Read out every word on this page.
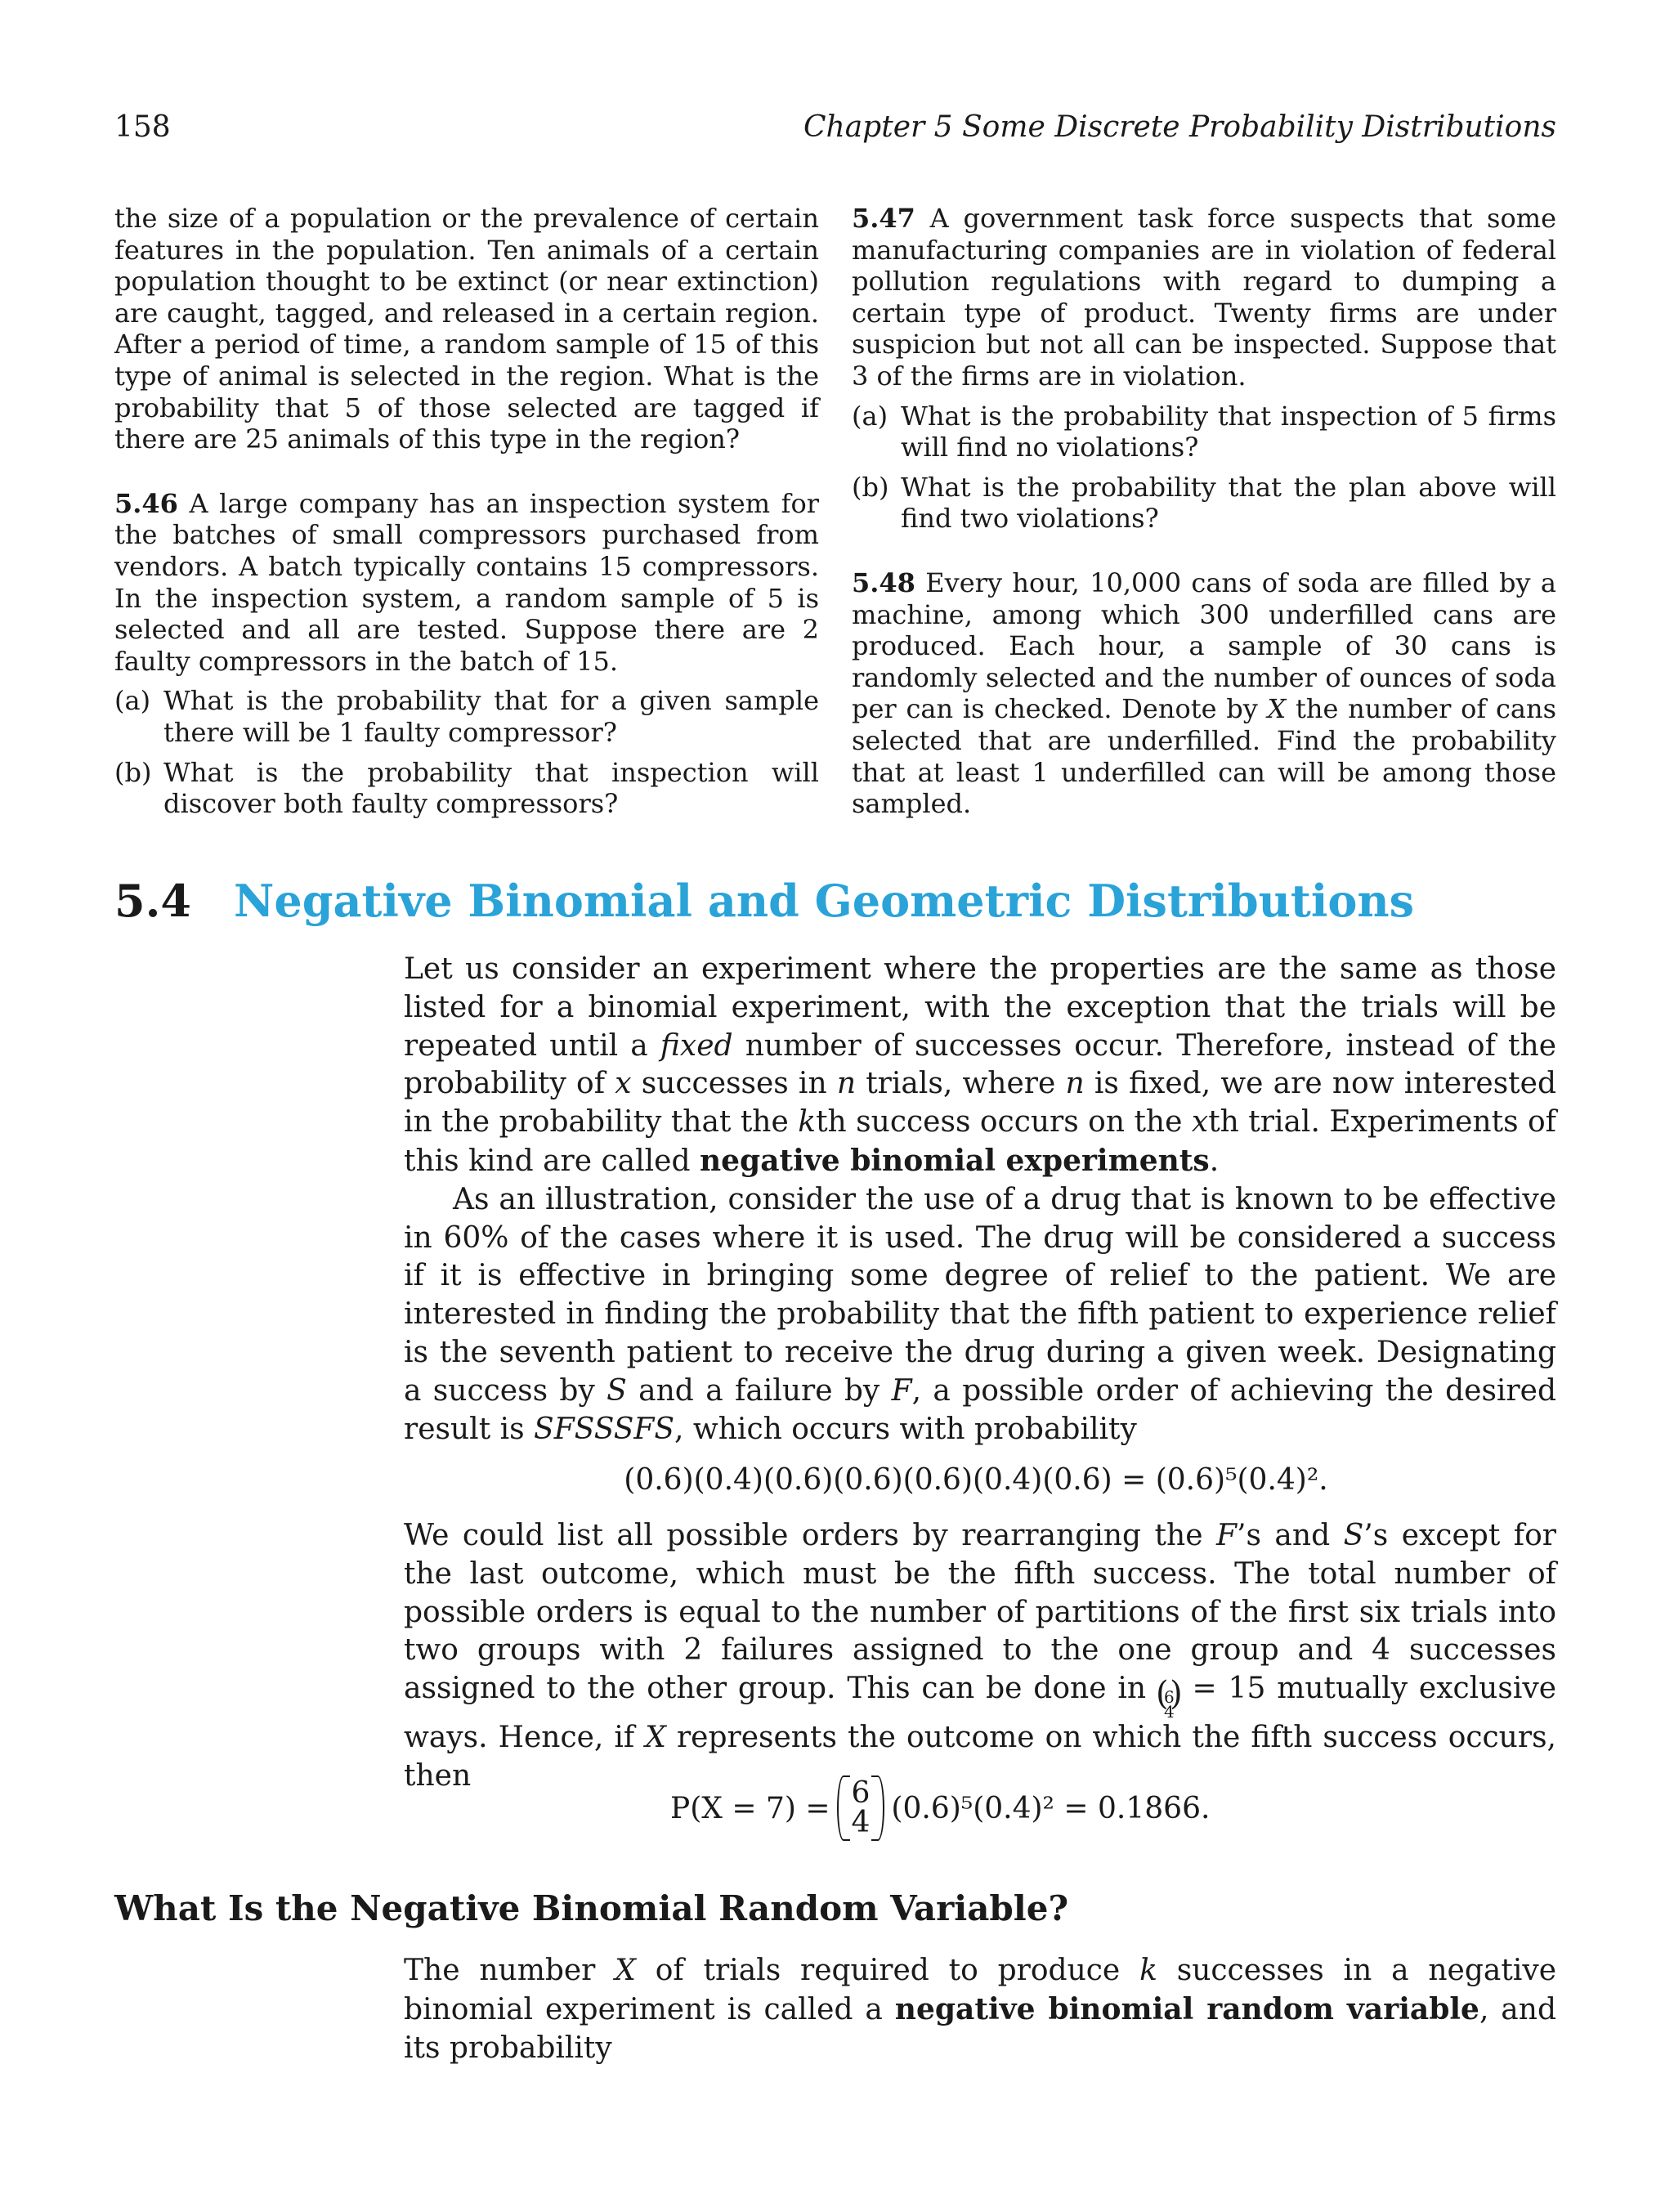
158	Chapter 5 Some Discrete Probability Distributions

the size of a population or the prevalence of certain features in the population. Ten animals of a certain population thought to be extinct (or near extinction) are caught, tagged, and released in a certain region. After a period of time, a random sample of 15 of this type of animal is selected in the region. What is the probability that 5 of those selected are tagged if there are 25 animals of this type in the region?

5.46 A large company has an inspection system for the batches of small compressors purchased from vendors. A batch typically contains 15 compressors. In the inspection system, a random sample of 5 is selected and all are tested. Suppose there are 2 faulty compressors in the batch of 15.

(a) What is the probability that for a given sample there will be 1 faulty compressor?
(b) What is the probability that inspection will discover both faulty compressors?

5.47 A government task force suspects that some manufacturing companies are in violation of federal pollution regulations with regard to dumping a certain type of product. Twenty firms are under suspicion but not all can be inspected. Suppose that 3 of the firms are in violation.

(a) What is the probability that inspection of 5 firms will find no violations?
(b) What is the probability that the plan above will find two violations?

5.48 Every hour, 10,000 cans of soda are filled by a machine, among which 300 underfilled cans are produced. Each hour, a sample of 30 cans is randomly selected and the number of ounces of soda per can is checked. Denote by X the number of cans selected that are underfilled. Find the probability that at least 1 underfilled can will be among those sampled.

5.4 Negative Binomial and Geometric Distributions

Let us consider an experiment where the properties are the same as those listed for a binomial experiment, with the exception that the trials will be repeated until a fixed number of successes occur. Therefore, instead of the probability of x successes in n trials, where n is fixed, we are now interested in the probability that the kth success occurs on the xth trial. Experiments of this kind are called negative binomial experiments.

As an illustration, consider the use of a drug that is known to be effective in 60% of the cases where it is used. The drug will be considered a success if it is effective in bringing some degree of relief to the patient. We are interested in finding the probability that the fifth patient to experience relief is the seventh patient to receive the drug during a given week. Designating a success by S and a failure by F, a possible order of achieving the desired result is SFSSSFS, which occurs with probability

(0.6)(0.4)(0.6)(0.6)(0.6)(0.4)(0.6) = (0.6)⁵(0.4)².

We could list all possible orders by rearranging the F’s and S’s except for the last outcome, which must be the fifth success. The total number of possible orders is equal to the number of partitions of the first six trials into two groups with 2 failures assigned to the one group and 4 successes assigned to the other group. This can be done in
( 6
4
) = 15 mutually exclusive ways. Hence, if X represents the outcome on which the fifth success occurs, then

P(X = 7) = 6
4 (0.6)⁵(0.4)² = 0.1866.
What Is the Negative Binomial Random Variable?

The number X of trials required to produce k successes in a negative binomial experiment is called a negative binomial random variable, and its probability
